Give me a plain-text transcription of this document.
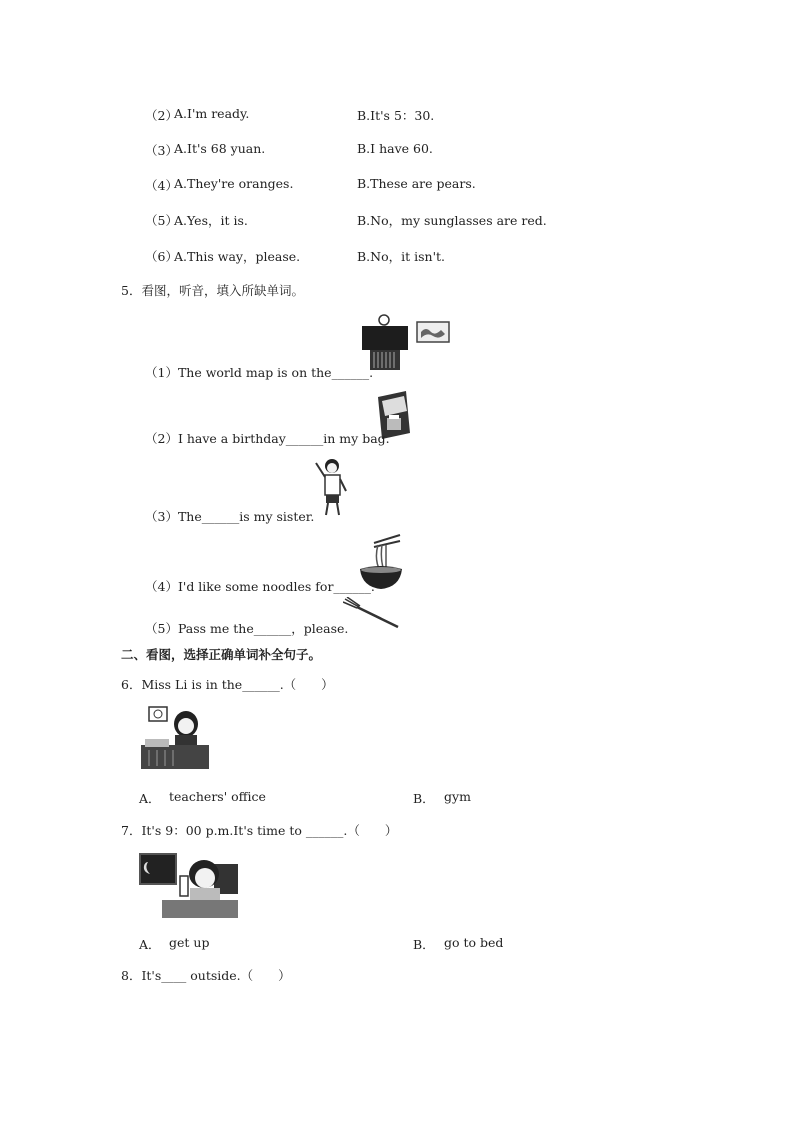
（2）
A.I'm ready.	B.It's 5：30.
（3）
A.It's 68 yuan.	B.I have 60.
（4）
A.They're oranges.	B.These are pears.
（5）
A.Yes，it is.	B.No，my sunglasses are red.
（6）
A.This way，please.	B.No，it isn't.
5．看图，听音，填入所缺单词。
（1）The world map is on the______.
（2）I have a birthday______in my bag.
（3）The______is my sister.
（4）I'd like some noodles for______.
（5）Pass me the______，please.
二、看图，选择正确单词补全句子。
6．Miss Li is in the______.（　　）
A． teachers' office	B． gym
7．It's 9：00 p.m.It's time to ______.（　　）
A． get up	B． go to bed
8．It's____ outside.（　　）
